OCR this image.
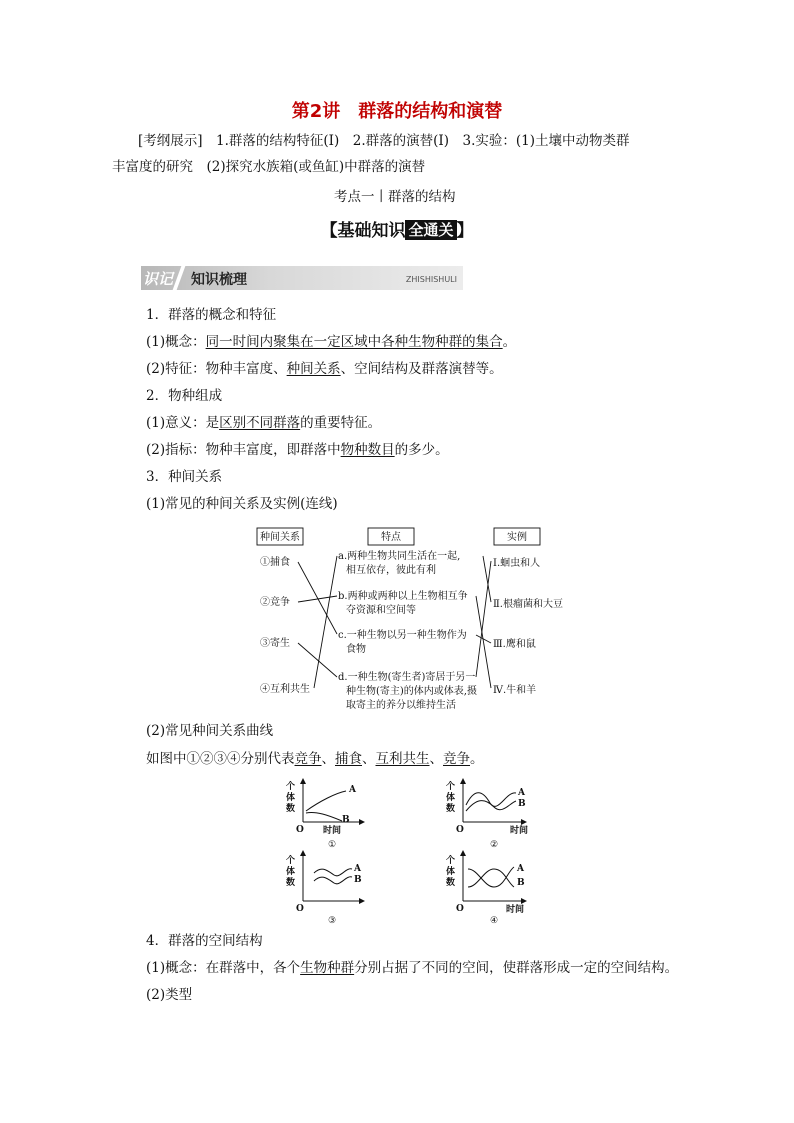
第2讲 群落的结构和演替
[考纲展示]　1.群落的结构特征(Ⅰ)　2.群落的演替(Ⅰ)　3.实验：(1)土壤中动物类群
丰富度的研究　(2)探究水族箱(或鱼缸)中群落的演替
考点一丨群落的结构
【基础知识 全通关 】
识记 知识梳理	ZHISHISHULI
1．群落的概念和特征
(1)概念：同一时间内聚集在一定区域中各种生物种群的集合。
(2)特征：物种丰富度、种间关系、空间结构及群落演替等。
2．物种组成
(1)意义：是区别不同群落的重要特征。
(2)指标：物种丰富度，即群落中物种数目的多少。
3．种间关系
(1)常见的种间关系及实例(连线)
种间关系	特点	实例
①捕食
②竞争
③寄生
④互利共生
a.两种生物共同生活在一起,
相互依存，彼此有利
b.两种或两种以上生物相互争
夺资源和空间等
c.一种生物以另一种生物作为
食物
d.一种生物(寄生者)寄居于另一
种生物(寄主)的体内或体表,摄
取寄主的养分以维持生活
Ⅰ.蛔虫和人
Ⅱ.根瘤菌和大豆
Ⅲ.鹰和鼠
Ⅳ.牛和羊
(2)常见种间关系曲线
如图中①②③④分别代表竞争、捕食、互利共生、竞争。
个
体
数
O 时间
A
B
①
个
体
数
O	时间
A
B
②
个
体
数
O
A
B
③
个
体
数
O	时间
A
B
④
4．群落的空间结构
(1)概念：在群落中，各个生物种群分别占据了不同的空间，使群落形成一定的空间结构。
(2)类型
